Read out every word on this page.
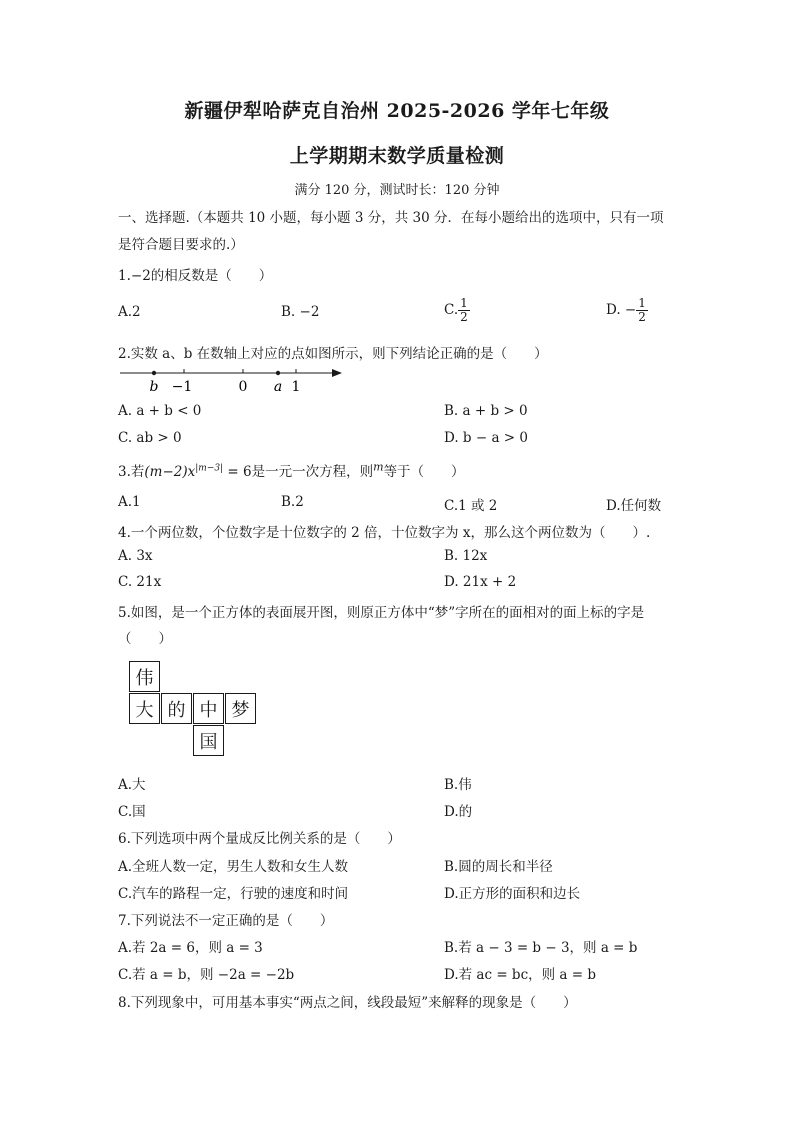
新疆伊犁哈萨克自治州 2025-2026 学年七年级
上学期期末数学质量检测
满分 120 分，测试时长：120 分钟
一、选择题.（本题共 10 小题，每小题 3 分，共 30 分．在每小题给出的选项中，只有一项
是符合题目要求的.）
1.−2的相反数是（　　）
A.2	B. −2	C. $\frac{1}{2}$	D. − $\frac{1}{2}$
2.实数 a、b 在数轴上对应的点如图所示，则下列结论正确的是（　　）
b −1	0 a 1
A. a + b < 0	B. a + b > 0
C. ab > 0	D. b − a > 0
3.若$(m-2)x^{|m-3|} = 6$是一元一次方程，则$^m$等于（　　）
A.1	B.2	C.1 或 2	D.任何数
4.一个两位数，个位数字是十位数字的 2 倍，十位数字为 x，那么这个两位数为（　　）.
A. 3x	B. 12x
C. 21x	D. 21x + 2
5.如图，是一个正方体的表面展开图，则原正方体中“梦”字所在的面相对的面上标的字是
（　　）
伟
大 的 中 梦
国
A.大	B.伟
C.国	D.的
6.下列选项中两个量成反比例关系的是（　　）
A.全班人数一定，男生人数和女生人数	B.圆的周长和半径
C.汽车的路程一定，行驶的速度和时间	D.正方形的面积和边长
7.下列说法不一定正确的是（　　）
A.若 2a = 6，则 a = 3	B.若 a − 3 = b − 3，则 a = b
C.若 a = b，则 −2a = −2b	D.若 ac = bc，则 a = b
8.下列现象中，可用基本事实“两点之间，线段最短”来解释的现象是（　　）
